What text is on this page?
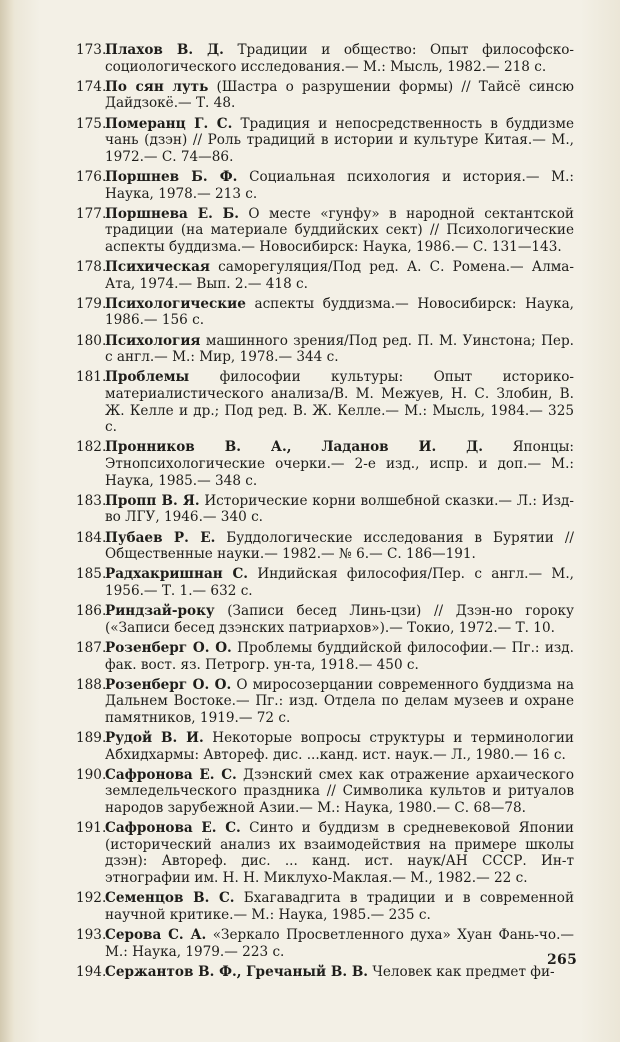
173.
Плахов В. Д. Традиции и общество: Опыт философско-социологического исследования.— М.: Мысль, 1982.— 218 с.
174.
По сян луть (Шастра о разрушении формы) // Тайсё синсю Дайдзокё.— Т. 48.
175.
Померанц Г. С. Традиция и непосредственность в буддизме чань (дзэн) // Роль традиций в истории и культуре Китая.— М., 1972.— С. 74—86.
176.
Поршнев Б. Ф. Социальная психология и история.— М.: Наука, 1978.— 213 с.
177.
Поршнева Е. Б. О месте «гунфу» в народной сектантской традиции (на материале буддийских сект) // Психологические аспекты буддизма.— Новосибирск: Наука, 1986.— С. 131—143.
178.
Психическая саморегуляция/Под ред. А. С. Ромена.— Алма-Ата, 1974.— Вып. 2.— 418 с.
179.
Психологические аспекты буддизма.— Новосибирск: Наука, 1986.— 156 с.
180.
Психология машинного зрения/Под ред. П. М. Уинстона; Пер. с англ.— М.: Мир, 1978.— 344 с.
181.
Проблемы философии культуры: Опыт историко-материалистического анализа/В. М. Межуев, Н. С. Злобин, В. Ж. Келле и др.; Под ред. В. Ж. Келле.— М.: Мысль, 1984.— 325 с.
182.
Пронников В. А., Ладанов И. Д. Японцы: Этнопсихологические очерки.— 2-е изд., испр. и доп.— М.: Наука, 1985.— 348 с.
183.
Пропп В. Я. Исторические корни волшебной сказки.— Л.: Изд-во ЛГУ, 1946.— 340 с.
184.
Пубаев Р. Е. Буддологические исследования в Бурятии // Общественные науки.— 1982.— № 6.— С. 186—191.
185.
Радхакришнан С. Индийская философия/Пер. с англ.— М., 1956.— Т. 1.— 632 с.
186.
Риндзай-року (Записи бесед Линь-цзи) // Дзэн-но гороку («Записи бесед дзэнских патриархов»).— Токио, 1972.— Т. 10.
187.
Розенберг О. О. Проблемы буддийской философии.— Пг.: изд. фак. вост. яз. Петрогр. ун-та, 1918.— 450 с.
188.
Розенберг О. О. О миросозерцании современного буддизма на Дальнем Востоке.— Пг.: изд. Отдела по делам музеев и охране памятников, 1919.— 72 с.
189.
Рудой В. И. Некоторые вопросы структуры и терминологии Абхидхармы: Автореф. дис. ...канд. ист. наук.— Л., 1980.— 16 с.
190.
Сафронова Е. С. Дзэнский смех как отражение архаического земледельческого праздника // Символика культов и ритуалов народов зарубежной Азии.— М.: Наука, 1980.— С. 68—78.
191.
Сафронова Е. С. Синто и буддизм в средневековой Японии (исторический анализ их взаимодействия на примере школы дзэн): Автореф. дис. ... канд. ист. наук/АН СССР. Ин-т этнографии им. Н. Н. Миклухо-Маклая.— М., 1982.— 22 с.
192.
Семенцов В. С. Бхагавадгита в традиции и в современной научной критике.— М.: Наука, 1985.— 235 с.
193.
Серова С. А. «Зеркало Просветленного духа» Хуан Фань-чо.— М.: Наука, 1979.— 223 с.
194.
Сержантов В. Ф., Гречаный В. В. Человек как предмет фи-
265
